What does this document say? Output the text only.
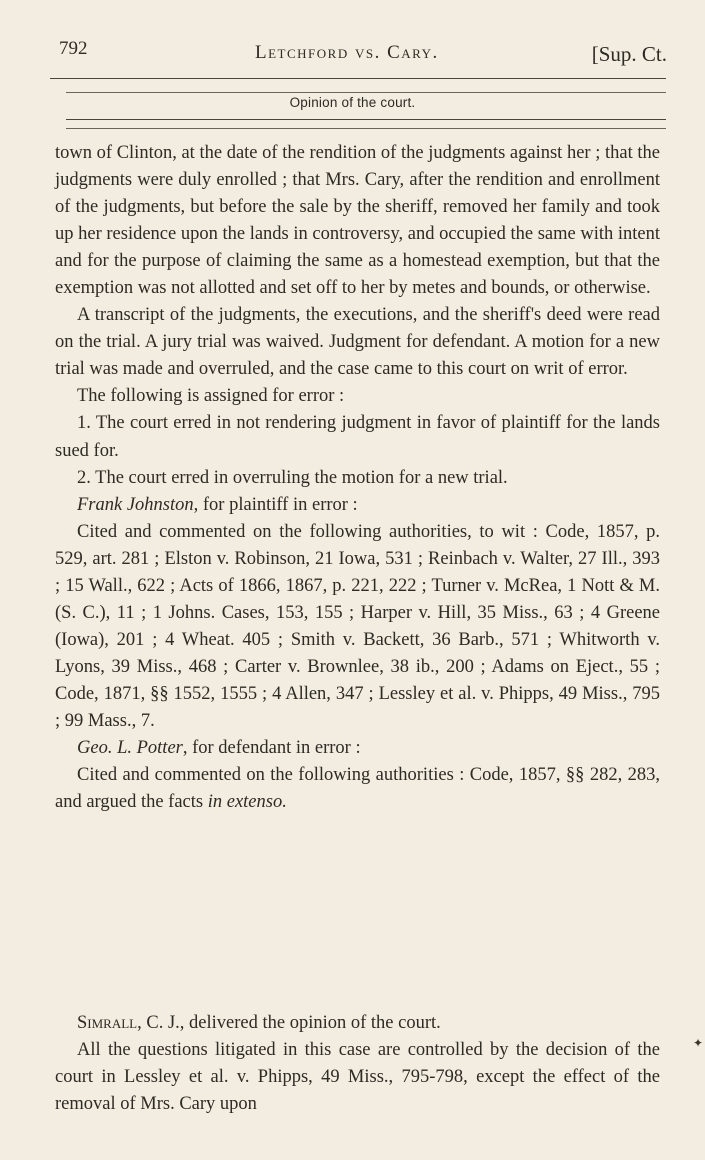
792	Letchford vs. Cary.	[Sup. Ct.
Opinion of the court.

town of Clinton, at the date of the rendition of the judgments against her ; that the judgments were duly enrolled ; that Mrs. Cary, after the rendition and enrollment of the judgments, but before the sale by the sheriff, removed her family and took up her residence upon the lands in controversy, and occupied the same with intent and for the purpose of claiming the same as a homestead exemption, but that the exemption was not allotted and set off to her by metes and bounds, or otherwise.

A transcript of the judgments, the executions, and the sheriff's deed were read on the trial. A jury trial was waived. Judgment for defendant. A motion for a new trial was made and overruled, and the case came to this court on writ of error.

The following is assigned for error :

1. The court erred in not rendering judgment in favor of plaintiff for the lands sued for.

2. The court erred in overruling the motion for a new trial.

Frank Johnston, for plaintiff in error :

Cited and commented on the following authorities, to wit : Code, 1857, p. 529, art. 281 ; Elston v. Robinson, 21 Iowa, 531 ; Reinbach v. Walter, 27 Ill., 393 ; 15 Wall., 622 ; Acts of 1866, 1867, p. 221, 222 ; Turner v. McRea, 1 Nott & M. (S. C.), 11 ; 1 Johns. Cases, 153, 155 ; Harper v. Hill, 35 Miss., 63 ; 4 Greene (Iowa), 201 ; 4 Wheat. 405 ; Smith v. Backett, 36 Barb., 571 ; Whitworth v. Lyons, 39 Miss., 468 ; Carter v. Brownlee, 38 ib., 200 ; Adams on Eject., 55 ; Code, 1871, §§ 1552, 1555 ; 4 Allen, 347 ; Lessley et al. v. Phipps, 49 Miss., 795 ; 99 Mass., 7.

Geo. L. Potter, for defendant in error :

Cited and commented on the following authorities : Code, 1857, §§ 282, 283, and argued the facts in extenso.

Simrall, C. J., delivered the opinion of the court.

All the questions litigated in this case are controlled by the decision of the court in Lessley et al. v. Phipps, 49 Miss., 795-798, except the effect of the removal of Mrs. Cary upon

✦
